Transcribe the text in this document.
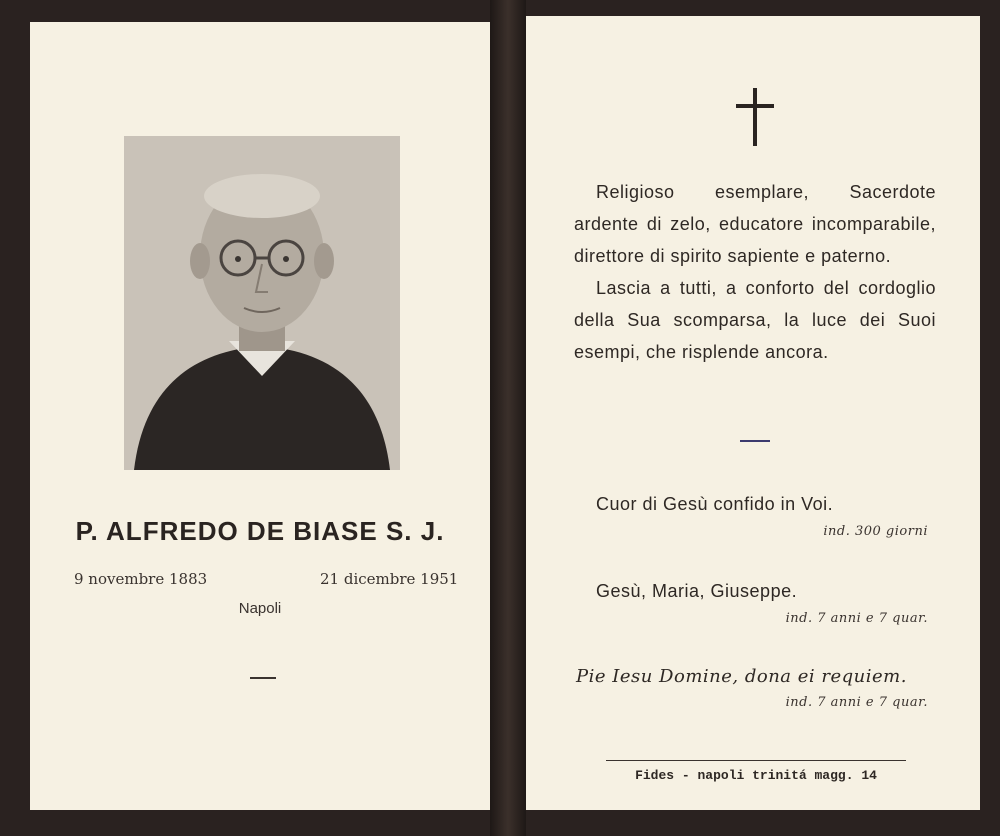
P. ALFREDO DE BIASE S. J.
9 novembre 1883	21 dicembre 1951
Napoli

Religioso esemplare, Sacerdote ardente di zelo, educatore incomparabile, direttore di spirito sapiente e paterno.

Lascia a tutti, a conforto del cordoglio della Sua scomparsa, la luce dei Suoi esempi, che risplende ancora.

Cuor di Gesù confido in Voi.
ind. 300 giorni
Gesù, Maria, Giuseppe.
ind. 7 anni e 7 quar.
Pie Iesu Domine, dona ei requiem.
ind. 7 anni e 7 quar.
Fides - napoli trinitá magg. 14
